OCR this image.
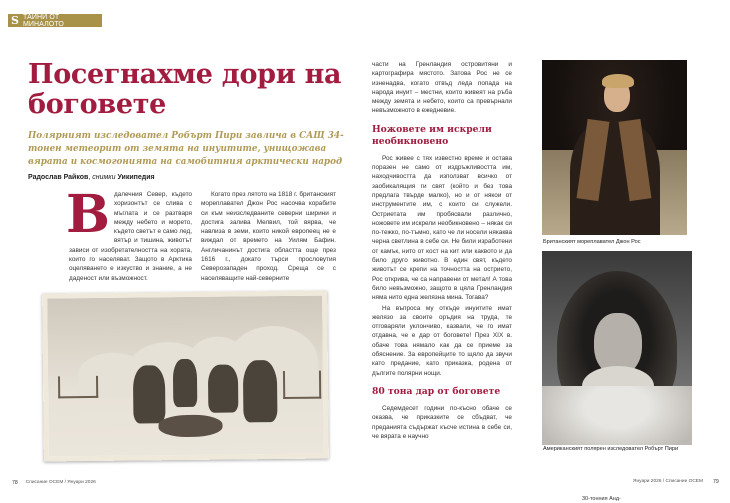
S ТАЙНИ ОТ МИНАЛОТО
Посегнахме дори на боговете

Полярният изследовател Робърт Пири завлича в САЩ 34-тонен метеорит от земята на инуитите, унищожава вярата и космогонията на самобитния арктически народ

Радослав Райков, снимки Уикипедия
В далечния Север, където хоризонтът се слива с мъглата и се разтваря между небето и морето, където светът е само лед, вятър и тишина, животът зависи от изобретателността на хората, които го населяват. Защото в Арктика оцеляването е изкуство и знание, а не даденост или възможност.

Когато през лятото на 1818 г. британският мореплавател Джон Рос насочва корабите си към неизследваните северни ширини и достига залива Мелвил, той вярва, че навлиза в земи, които никой европеец не е виждал от времето на Уилям Бафин. Англичанинът достига областта още през 1616 г., докато търси прословутия Северозападен проход. Среща се с населяващите най-северните

части на Гренландия островитяни и картографира мястото. Затова Рос не се изненадва, когато отвъд леда попада на народа инуит – местни, които живеят на ръба между земята и небето, които са превърнали невъзможното в ежедневие.

Ножовете им искрели необикновено

Рос живее с тях известно време и остава поразен не само от издръжливостта им, находчивостта да използват всичко от заобикалящия ги свят (който и без това предлага твърде малко), но и от някои от инструментите им, с които си служели. Остриетата им пробясвали различно, ножовете им искрели необикновено – някак си по-тежко, по-тъмно, като че ли носели някаква черна светлина в себе си. Не били изработени от камък, нито от кост на кит или каквото и да било друго животно. В един свят, където животът се крепи на точността на острието, Рос открива, че са направени от метал! А това било невъзможно, защото в цяла Гренландия няма нито една желязна мина. Тогава?

На въпроса му откъде инуитите имат желязо за своите оръдия на труда, те отговаряли уклончиво, казвали, че го имат отдавна, че е дар от боговете! През XIX в. обаче това нямало как да се приеме за обяснение. За европейците то щяло да звучи като предание, като приказка, родена от дългите полярни нощи.

80 тона дар от боговете

Седемдесет години по-късно обаче се оказва, че приказките се сбъдват, че преданията съдържат късче истина в себе си, че вярата е научно

Британският мореплавател Джон Рос
Американският полярен изследовател Робърт Пири
78 Списание ОСЕМ / Януари 2026	Януари 2026 / Списание ОСЕМ 79
30-тонния Анд-
